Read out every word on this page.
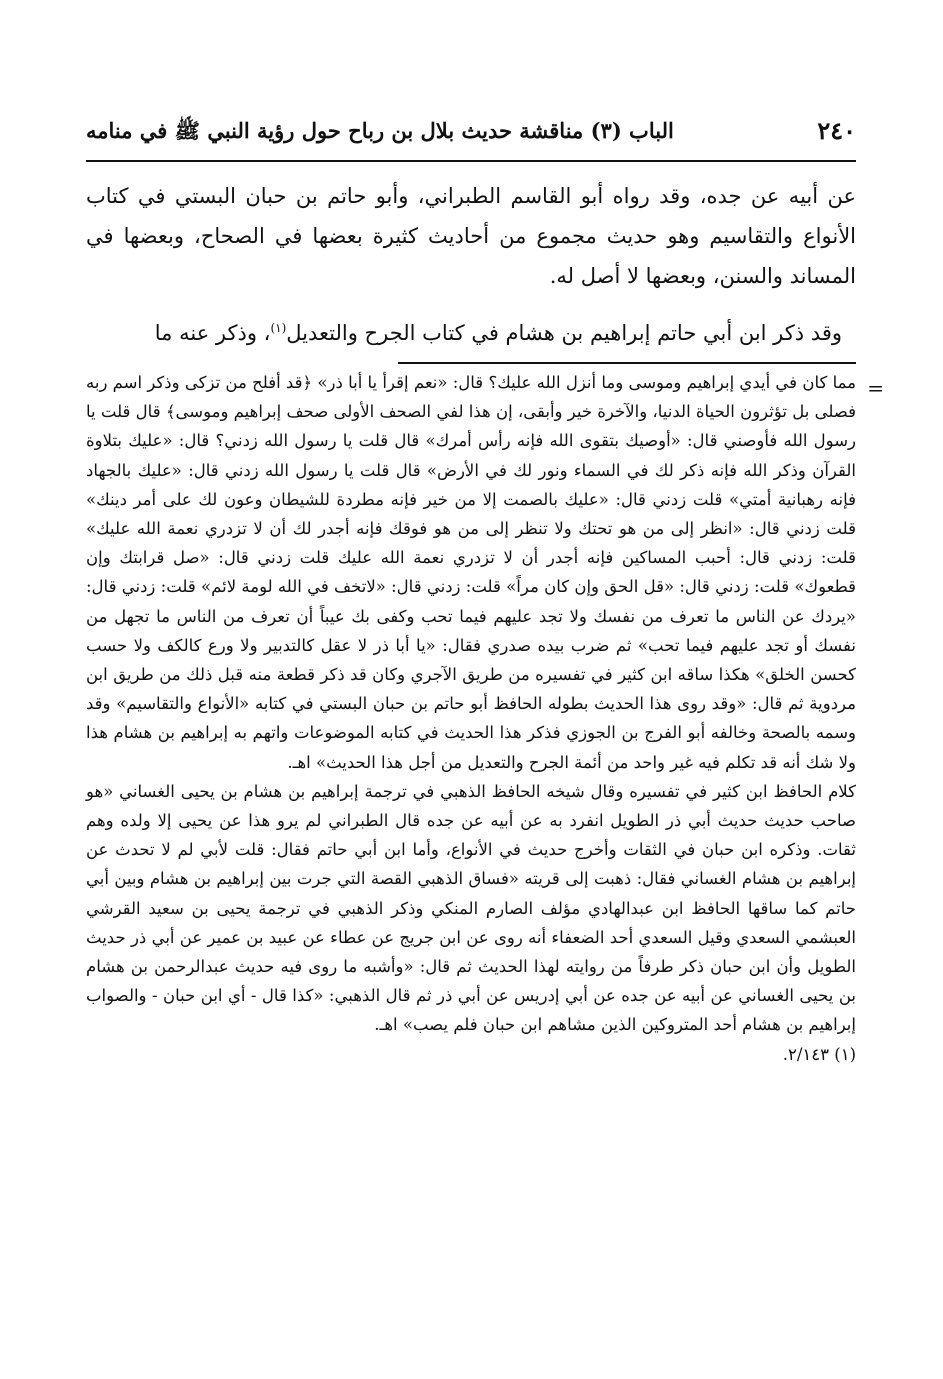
٢٤٠
الباب (٣) مناقشة حديث بلال بن رباح حول رؤية النبي ﷺ في منامه

عن أبيه عن جده، وقد رواه أبو القاسم الطبراني، وأبو حاتم بن حبان البستي في كتاب الأنواع والتقاسيم وهو حديث مجموع من أحاديث كثيرة بعضها في الصحاح، وبعضها في المساند والسنن، وبعضها لا أصل له.

وقد ذكر ابن أبي حاتم إبراهيم بن هشام في كتاب الجرح والتعديل$^{(١)}$، وذكر عنه ما

=

مما كان في أيدي إبراهيم وموسى وما أنزل الله عليك؟ قال: «نعم إقرأ يا أبا ذر» ﴿قد أفلح من تزكى وذكر اسم ربه فصلى بل تؤثرون الحياة الدنيا، والآخرة خير وأبقى، إن هذا لفي الصحف الأولى صحف إبراهيم وموسى﴾ قال قلت يا رسول الله فأوصني قال: «أوصيك بتقوى الله فإنه رأس أمرك» قال قلت يا رسول الله زدني؟ قال: «عليك بتلاوة القرآن وذكر الله فإنه ذكر لك في السماء ونور لك في الأرض» قال قلت يا رسول الله زدني قال: «عليك بالجهاد فإنه رهبانية أمتي» قلت زدني قال: «عليك بالصمت إلا من خير فإنه مطردة للشيطان وعون لك على أمر دينك» قلت زدني قال: «انظر إلى من هو تحتك ولا تنظر إلى من هو فوقك فإنه أجدر لك أن لا تزدري نعمة الله عليك» قلت: زدني قال: أحبب المساكين فإنه أجدر أن لا تزدري نعمة الله عليك قلت زدني قال: «صل قرابتك وإن قطعوك» قلت: زدني قال: «قل الحق وإن كان مراً» قلت: زدني قال: «لاتخف في الله لومة لائم» قلت: زدني قال: «يردك عن الناس ما تعرف من نفسك ولا تجد عليهم فيما تحب وكفى بك عيباً أن تعرف من الناس ما تجهل من نفسك أو تجد عليهم فيما تحب» ثم ضرب بيده صدري فقال: «يا أبا ذر لا عقل كالتدبير ولا ورع كالكف ولا حسب كحسن الخلق» هكذا ساقه ابن كثير في تفسيره من طريق الآجري وكان قد ذكر قطعة منه قبل ذلك من طريق ابن مردوية ثم قال: «وقد روى هذا الحديث بطوله الحافظ أبو حاتم بن حبان البستي في كتابه «الأنواع والتقاسيم» وقد وسمه بالصحة وخالفه أبو الفرج بن الجوزي فذكر هذا الحديث في كتابه الموضوعات واتهم به إبراهيم بن هشام هذا ولا شك أنه قد تكلم فيه غير واحد من أئمة الجرح والتعديل من أجل هذا الحديث» اهـ.

كلام الحافظ ابن كثير في تفسيره وقال شيخه الحافظ الذهبي في ترجمة إبراهيم بن هشام بن يحيى الغساني «هو صاحب حديث حديث أبي ذر الطويل انفرد به عن أبيه عن جده قال الطبراني لم يرو هذا عن يحيى إلا ولده وهم ثقات. وذكره ابن حبان في الثقات وأخرج حديث في الأنواع، وأما ابن أبي حاتم فقال: قلت لأبي لم لا تحدث عن إبراهيم بن هشام الغساني فقال: ذهبت إلى قريته «فساق الذهبي القصة التي جرت بين إبراهيم بن هشام وبين أبي حاتم كما ساقها الحافظ ابن عبدالهادي مؤلف الصارم المنكي وذكر الذهبي في ترجمة يحيى بن سعيد القرشي العبشمي السعدي وقيل السعدي أحد الضعفاء أنه روى عن ابن جريج عن عطاء عن عبيد بن عمير عن أبي ذر حديث الطويل وأن ابن حبان ذكر طرفاً من روايته لهذا الحديث ثم قال: «وأشبه ما روى فيه حديث عبدالرحمن بن هشام بن يحيى الغساني عن أبيه عن جده عن أبي إدريس عن أبي ذر ثم قال الذهبي: «كذا قال - أي ابن حبان - والصواب إبراهيم بن هشام أحد المتروكين الذين مشاهم ابن حبان فلم يصب» اهـ.

(١) ٢/١٤٣.
